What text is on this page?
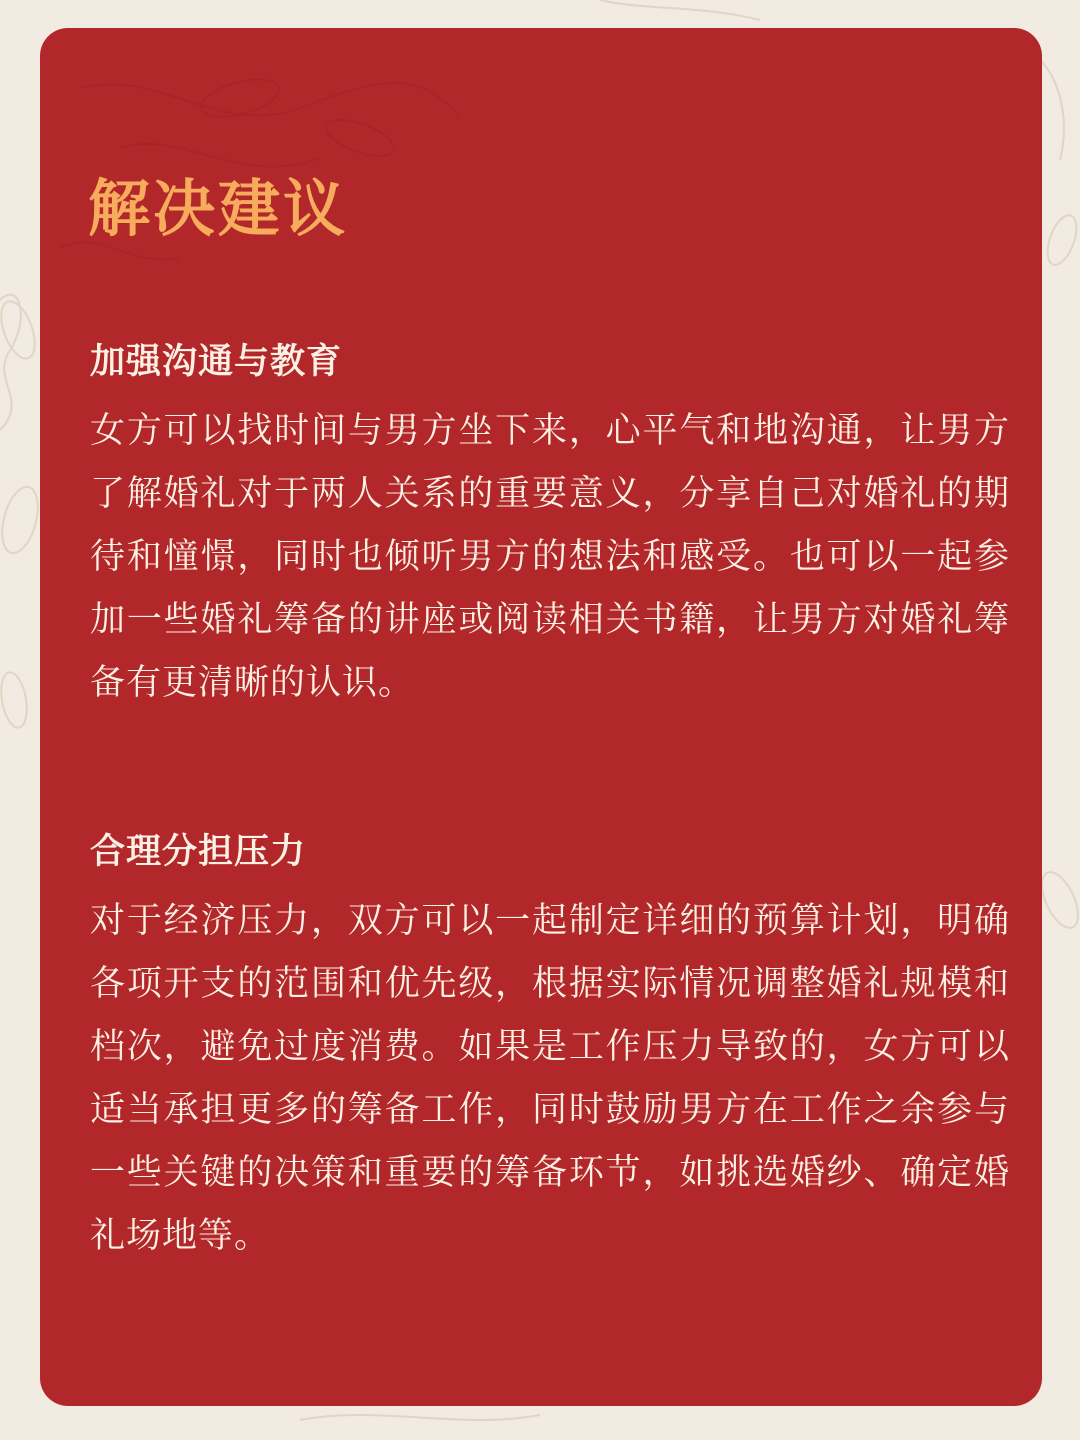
解决建议
加强沟通与教育

女方可以找时间与男方坐下来，心平气和地沟通，让男方了解婚礼对于两人关系的重要意义，分享自己对婚礼的期待和憧憬，同时也倾听男方的想法和感受。也可以一起参加一些婚礼筹备的讲座或阅读相关书籍，让男方对婚礼筹备有更清晰的认识。

合理分担压力

对于经济压力，双方可以一起制定详细的预算计划，明确各项开支的范围和优先级，根据实际情况调整婚礼规模和档次，避免过度消费。如果是工作压力导致的，女方可以适当承担更多的筹备工作，同时鼓励男方在工作之余参与一些关键的决策和重要的筹备环节，如挑选婚纱、确定婚礼场地等。
